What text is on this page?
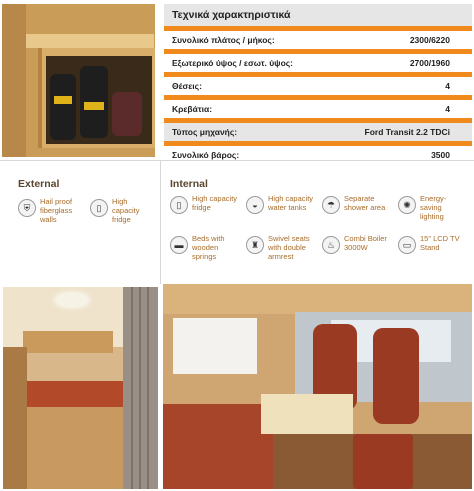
Τεχνικά χαρακτηριστικά
Συνολικό πλάτος / μήκος:	2300/6220
Εξωτερικό ύψος / εσωτ. ύψος:	2700/1960
Θέσεις:	4
Κρεβάτια:	4
Τύπος μηχανής:	Ford Transit 2.2 TDCi
Συνολικό βάρος:	3500
External
⛨
Hail proof
fiberglass
walls
▯
High
capacity
fridge
Internal
▯
High capacity
fridge	◒
High capacity
water tanks	☂
Separate
shower area	✺
Energy-
saving
lighting
▬
Beds with
wooden
springs
♜
Swivel seats
with double
armrest
♨
Combi Boiler
3000W	▭
15" LCD TV
Stand
